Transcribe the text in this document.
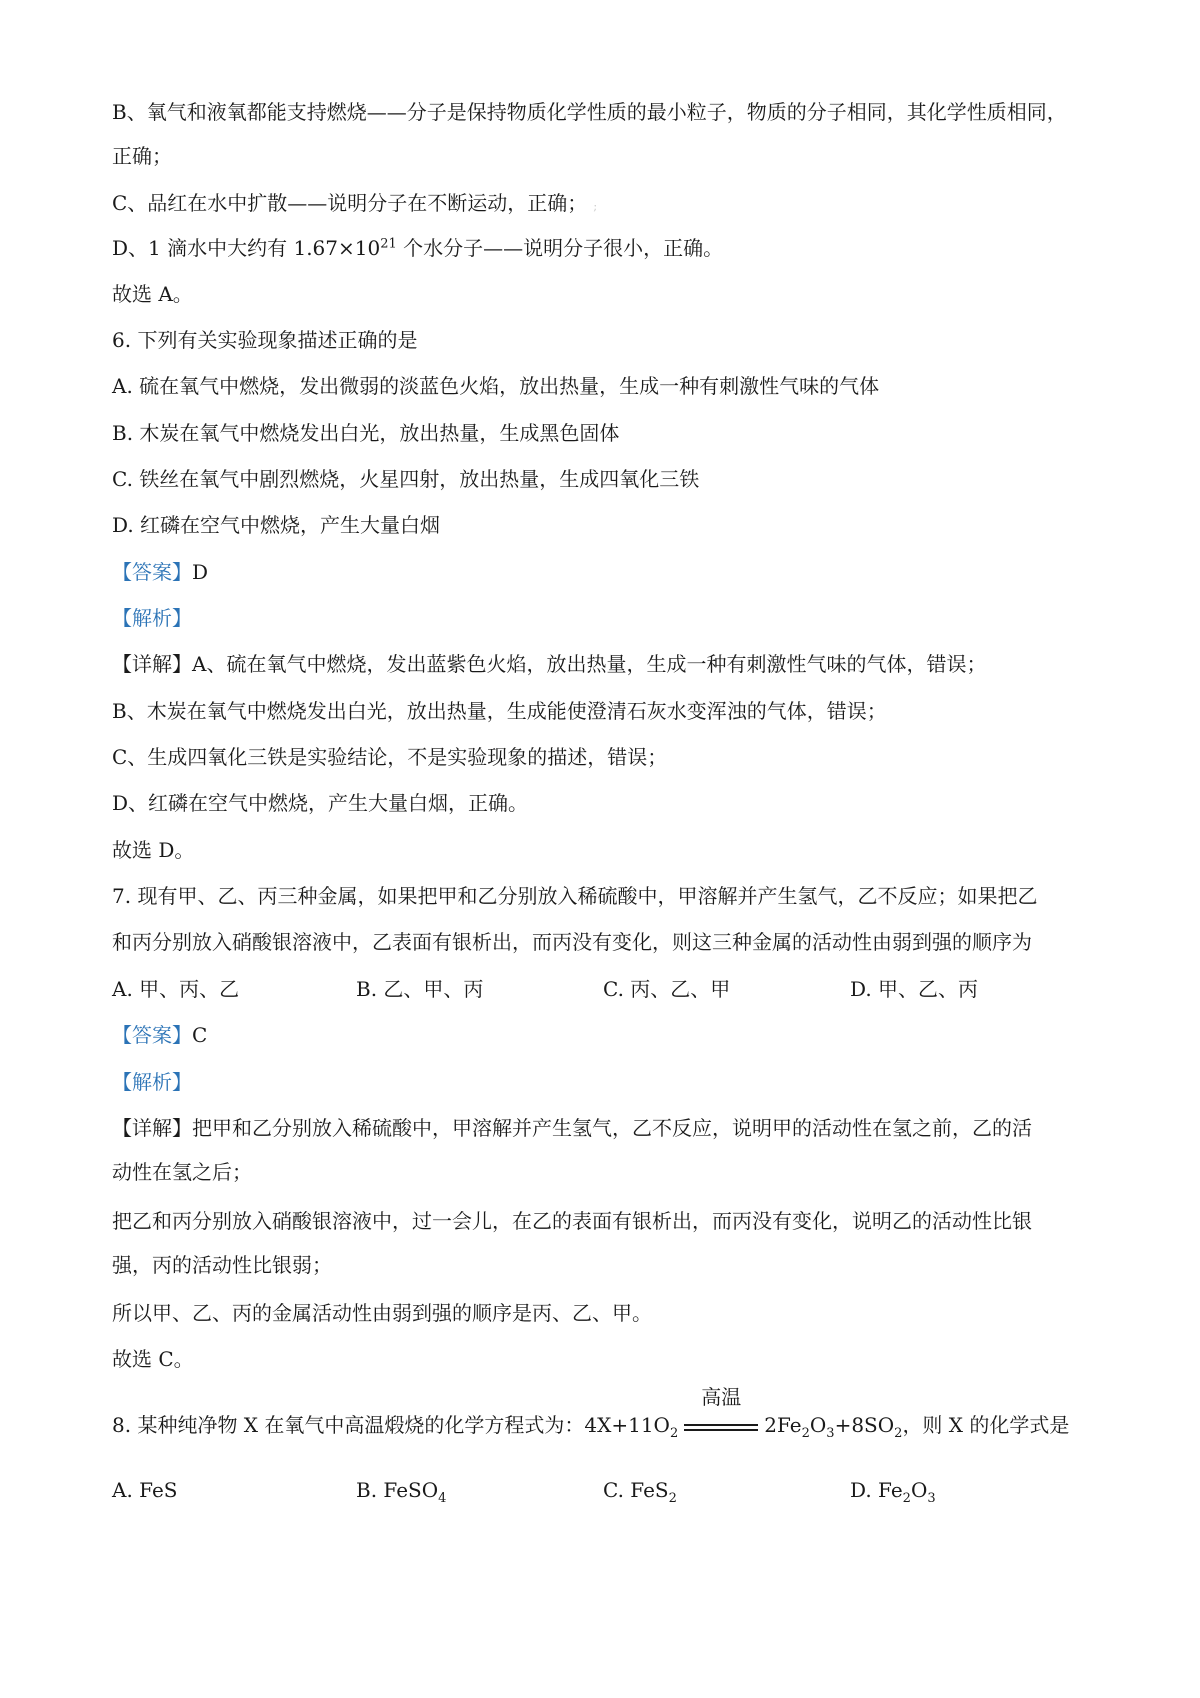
B、氧气和液氧都能支持燃烧——分子是保持物质化学性质的最小粒子，物质的分子相同，其化学性质相同，
正确；
C、品红在水中扩散——说明分子在不断运动，正确； ;
D、1 滴水中大约有 $1.67\times 10^{21}$ 个水分子——说明分子很小，正确。
故选 A。
6. 下列有关实验现象描述正确的是
A. 硫在氧气中燃烧，发出微弱的淡蓝色火焰，放出热量，生成一种有刺激性气味的气体
B. 木炭在氧气中燃烧发出白光，放出热量，生成黑色固体
C. 铁丝在氧气中剧烈燃烧，火星四射，放出热量，生成四氧化三铁
D. 红磷在空气中燃烧，产生大量白烟
【答案】D
【解析】
【详解】A、硫在氧气中燃烧，发出蓝紫色火焰，放出热量，生成一种有刺激性气味的气体，错误；
B、木炭在氧气中燃烧发出白光，放出热量，生成能使澄清石灰水变浑浊的气体，错误；
C、生成四氧化三铁是实验结论，不是实验现象的描述，错误；
D、红磷在空气中燃烧，产生大量白烟，正确。
故选 D。
7. 现有甲、乙、丙三种金属，如果把甲和乙分别放入稀硫酸中，甲溶解并产生氢气，乙不反应；如果把乙
和丙分别放入硝酸银溶液中，乙表面有银析出，而丙没有变化，则这三种金属的活动性由弱到强的顺序为
A. 甲、丙、乙	B. 乙、甲、丙	C. 丙、乙、甲	D. 甲、乙、丙
【答案】C
【解析】
【详解】把甲和乙分别放入稀硫酸中，甲溶解并产生氢气，乙不反应，说明甲的活动性在氢之前，乙的活
动性在氢之后；
把乙和丙分别放入硝酸银溶液中，过一会儿，在乙的表面有银析出，而丙没有变化，说明乙的活动性比银
强，丙的活动性比银弱；
所以甲、乙、丙的金属活动性由弱到强的顺序是丙、乙、甲。
故选 C。
8. 某种纯净物 X 在氧气中高温煅烧的化学方程式为：$4X+11O_2$
高温
$2Fe_2O_3+8SO_2$，则 X 的化学式是
A. FeS	B. FeSO$_4$	C. FeS$_2$	D. $Fe_2O_3$
